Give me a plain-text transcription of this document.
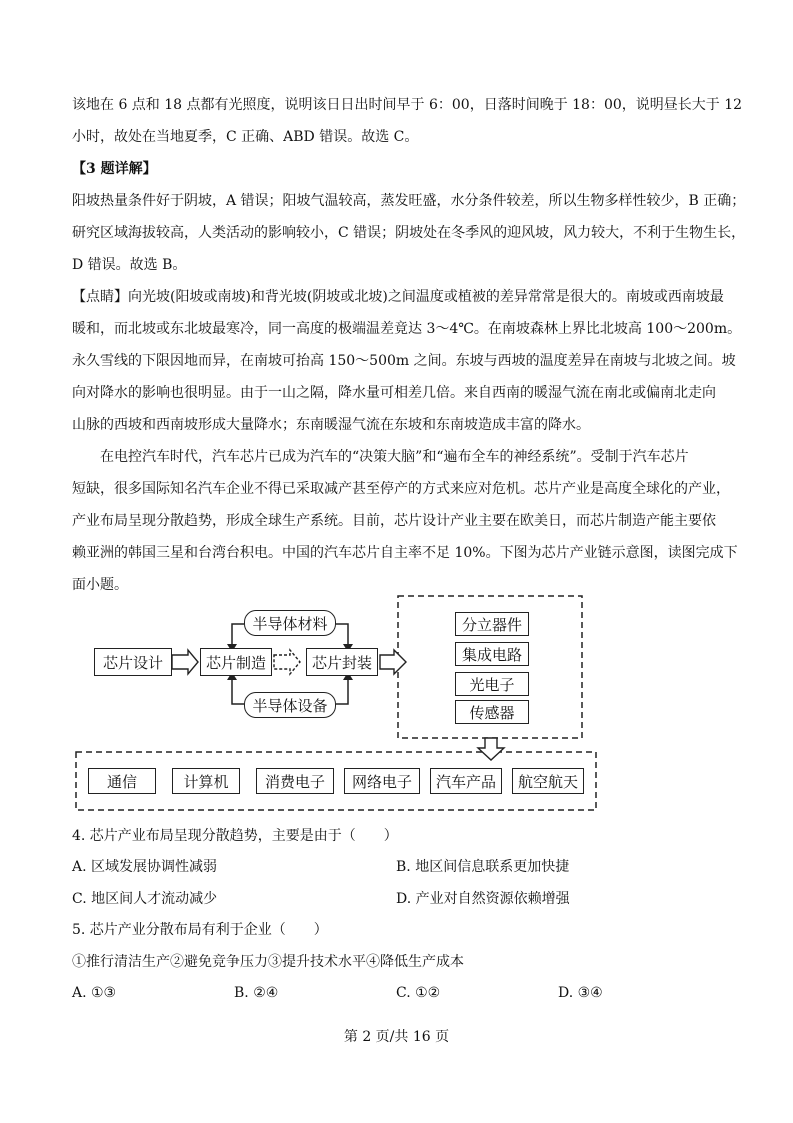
该地在 6 点和 18 点都有光照度，说明该日日出时间早于 6：00，日落时间晚于 18：00，说明昼长大于 12
小时，故处在当地夏季，C 正确、ABD 错误。故选 C。
【3 题详解】
阳坡热量条件好于阴坡，A 错误；阳坡气温较高，蒸发旺盛，水分条件较差，所以生物多样性较少，B 正确；
研究区域海拔较高，人类活动的影响较小，C 错误；阴坡处在冬季风的迎风坡，风力较大，不利于生物生长，
D 错误。故选 B。
【点睛】向光坡(阳坡或南坡)和背光坡(阴坡或北坡)之间温度或植被的差异常常是很大的。南坡或西南坡最
暖和，而北坡或东北坡最寒冷，同一高度的极端温差竟达 3～4℃。在南坡森林上界比北坡高 100～200m。
永久雪线的下限因地而异，在南坡可抬高 150～500m 之间。东坡与西坡的温度差异在南坡与北坡之间。坡
向对降水的影响也很明显。由于一山之隔，降水量可相差几倍。来自西南的暖湿气流在南北或偏南北走向
山脉的西坡和西南坡形成大量降水；东南暖湿气流在东坡和东南坡造成丰富的降水。
在电控汽车时代，汽车芯片已成为汽车的“决策大脑”和“遍布全车的神经系统”。受制于汽车芯片
短缺，很多国际知名汽车企业不得已采取减产甚至停产的方式来应对危机。芯片产业是高度全球化的产业，
产业布局呈现分散趋势，形成全球生产系统。目前，芯片设计产业主要在欧美日，而芯片制造产能主要依
赖亚洲的韩国三星和台湾台积电。中国的汽车芯片自主率不足 10%。下图为芯片产业链示意图，读图完成下
面小题。
芯片设计	芯片制造	芯片封装
半导体材料
半导体设备
分立器件
集成电路
光电子
传感器
通信	计算机	消费电子	网络电子	汽车产品	航空航天
4. 芯片产业布局呈现分散趋势，主要是由于（　　）
A. 区域发展协调性减弱	B. 地区间信息联系更加快捷
C. 地区间人才流动减少	D. 产业对自然资源依赖增强
5. 芯片产业分散布局有利于企业（　　）
①推行清洁生产②避免竞争压力③提升技术水平④降低生产成本
A. ①③	B. ②④	C. ①②	D. ③④
第 2 页/共 16 页
